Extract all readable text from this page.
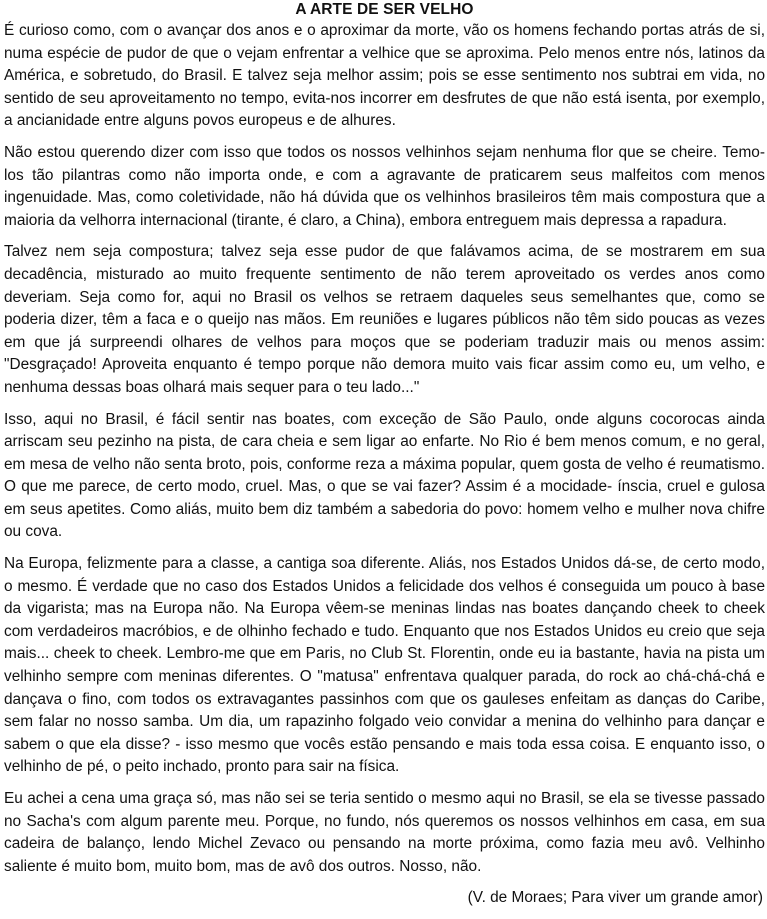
A ARTE DE SER VELHO

É curioso como, com o avançar dos anos e o aproximar da morte, vão os homens fechando portas atrás de si, numa espécie de pudor de que o vejam enfrentar a velhice que se aproxima. Pelo menos entre nós, latinos da América, e sobretudo, do Brasil. E talvez seja melhor assim; pois se esse sentimento nos subtrai em vida, no sentido de seu aproveitamento no tempo, evita-nos incorrer em desfrutes de que não está isenta, por exemplo, a ancianidade entre alguns povos europeus e de alhures.

Não estou querendo dizer com isso que todos os nossos velhinhos sejam nenhuma flor que se cheire. Temo-los tão pilantras como não importa onde, e com a agravante de praticarem seus malfeitos com menos ingenuidade. Mas, como coletividade, não há dúvida que os velhinhos brasileiros têm mais compostura que a maioria da velhorra internacional (tirante, é claro, a China), embora entreguem mais depressa a rapadura.

Talvez nem seja compostura; talvez seja esse pudor de que falávamos acima, de se mostrarem em sua decadência, misturado ao muito frequente sentimento de não terem aproveitado os verdes anos como deveriam. Seja como for, aqui no Brasil os velhos se retraem daqueles seus semelhantes que, como se poderia dizer, têm a faca e o queijo nas mãos. Em reuniões e lugares públicos não têm sido poucas as vezes em que já surpreendi olhares de velhos para moços que se poderiam traduzir mais ou menos assim: "Desgraçado! Aproveita enquanto é tempo porque não demora muito vais ficar assim como eu, um velho, e nenhuma dessas boas olhará mais sequer para o teu lado..."

Isso, aqui no Brasil, é fácil sentir nas boates, com exceção de São Paulo, onde alguns cocorocas ainda arriscam seu pezinho na pista, de cara cheia e sem ligar ao enfarte. No Rio é bem menos comum, e no geral, em mesa de velho não senta broto, pois, conforme reza a máxima popular, quem gosta de velho é reumatismo. O que me parece, de certo modo, cruel. Mas, o que se vai fazer? Assim é a mocidade- ínscia, cruel e gulosa em seus apetites. Como aliás, muito bem diz também a sabedoria do povo: homem velho e mulher nova chifre ou cova.

Na Europa, felizmente para a classe, a cantiga soa diferente. Aliás, nos Estados Unidos dá-se, de certo modo, o mesmo. É verdade que no caso dos Estados Unidos a felicidade dos velhos é conseguida um pouco à base da vigarista; mas na Europa não. Na Europa vêem-se meninas lindas nas boates dançando cheek to cheek com verdadeiros macróbios, e de olhinho fechado e tudo. Enquanto que nos Estados Unidos eu creio que seja mais... cheek to cheek. Lembro-me que em Paris, no Club St. Florentin, onde eu ia bastante, havia na pista um velhinho sempre com meninas diferentes. O "matusa" enfrentava qualquer parada, do rock ao chá-chá-chá e dançava o fino, com todos os extravagantes passinhos com que os gauleses enfeitam as danças do Caribe, sem falar no nosso samba. Um dia, um rapazinho folgado veio convidar a menina do velhinho para dançar e sabem o que ela disse? - isso mesmo que vocês estão pensando e mais toda essa coisa. E enquanto isso, o velhinho de pé, o peito inchado, pronto para sair na física.

Eu achei a cena uma graça só, mas não sei se teria sentido o mesmo aqui no Brasil, se ela se tivesse passado no Sacha's com algum parente meu. Porque, no fundo, nós queremos os nossos velhinhos em casa, em sua cadeira de balanço, lendo Michel Zevaco ou pensando na morte próxima, como fazia meu avô. Velhinho saliente é muito bom, muito bom, mas de avô dos outros. Nosso, não.

(V. de Moraes; Para viver um grande amor)
